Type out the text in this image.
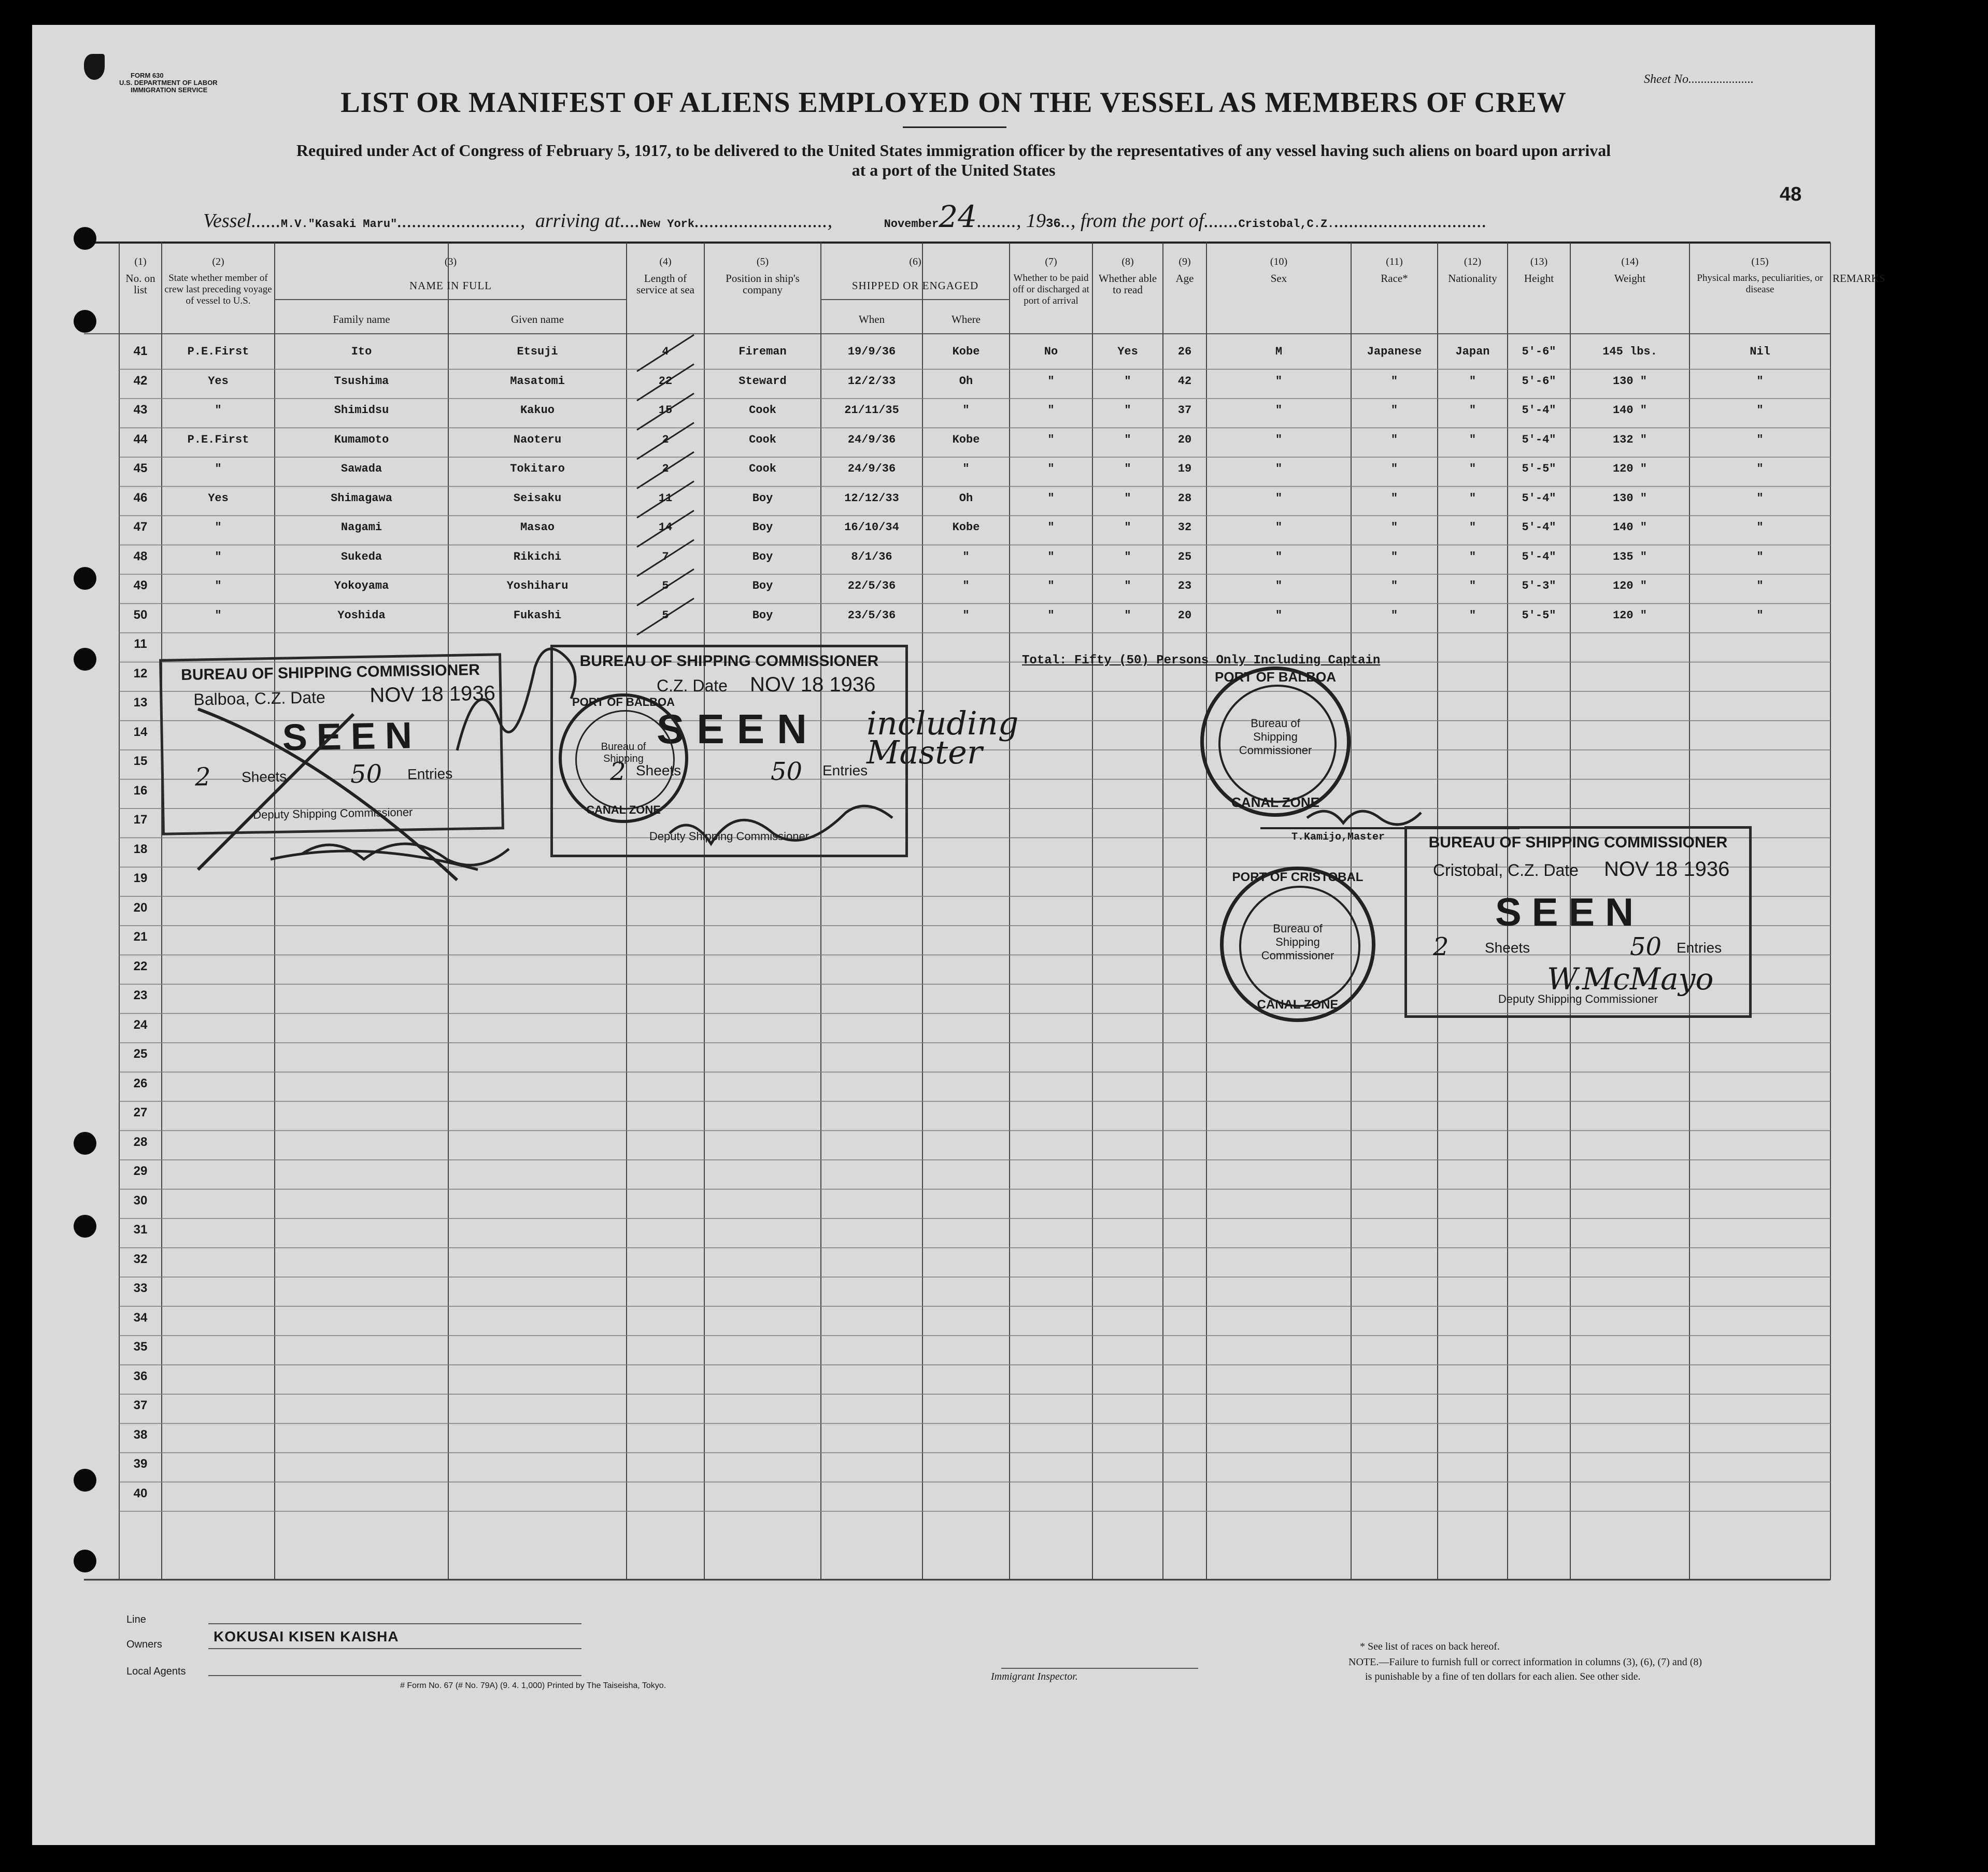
FORM 630
U.S. DEPARTMENT OF LABOR
IMMIGRATION SERVICE
Sheet No.....................
LIST OR MANIFEST OF ALIENS EMPLOYED ON THE VESSEL AS MEMBERS OF CREW
Required under Act of Congress of February 5, 1917, to be delivered to the United States immigration officer by the representatives of any vessel having such aliens on board upon arrival
at a port of the United States
48
Vessel......M.V."Kasaki Maru"........................., arriving at....New York...........................,	November24........, 1936.., from the port of.......Cristobal,C.Z................................
(1)
No. on list
(2)
State whether member of crew last preceding voyage of vessel to U.S.
(3)
NAME IN FULL
Family name	Given name
(4)
Length of service at sea
(5)
Position in ship's company
(6)
SHIPPED OR ENGAGED
When	Where
(7)
Whether to be paid off or discharged at port of arrival
(8)
Whether able to read
(9)
Age
(10)
Sex
(11)
Race*
(12)
Nationality
(13)
Height
(14)
Weight
(15)
Physical marks, peculiarities, or disease
REMARKS
41	P.E.First	Ito	Etsuji	4	Fireman	19/9/36	Kobe	No	Yes	26	M	Japanese	Japan	5'-6"	145 lbs.	Nil
42	Yes	Tsushima	Masatomi	22	Steward	12/2/33	Oh	"	"	42	"	"	"	5'-6"	130 "	"
43	"	Shimidsu	Kakuo	15	Cook	21/11/35	"	"	"	37	"	"	"	5'-4"	140 "	"
44	P.E.First	Kumamoto	Naoteru	2	Cook	24/9/36	Kobe	"	"	20	"	"	"	5'-4"	132 "	"
45	"	Sawada	Tokitaro	2	Cook	24/9/36	"	"	"	19	"	"	"	5'-5"	120 "	"
46	Yes	Shimagawa	Seisaku	11	Boy	12/12/33	Oh	"	"	28	"	"	"	5'-4"	130 "	"
47	"	Nagami	Masao	14	Boy	16/10/34	Kobe	"	"	32	"	"	"	5'-4"	140 "	"
48	"	Sukeda	Rikichi	7	Boy	8/1/36	"	"	"	25	"	"	"	5'-4"	135 "	"
49	"	Yokoyama	Yoshiharu	5	Boy	22/5/36	"	"	"	23	"	"	"	5'-3"	120 "	"
50	"	Yoshida	Fukashi	5	Boy	23/5/36	"	"	"	20	"	"	"	5'-5"	120 "	"
11
12
13
14
15
16
17
18
19
20
21
22
23
24
25
26
27
28
29
30
31
32
33
34
35
36
37
38
39
40
Total: Fifty (50) Persons Only Including Captain
including Master
T.Kamijo,Master
BUREAU OF SHIPPING COMMISSIONER
Balboa, C.Z. Date NOV 18 1936
SEEN
2 Sheets	50 Entries
Deputy Shipping Commissioner
BUREAU OF SHIPPING COMMISSIONER
C.Z. Date NOV 18 1936
SEEN
2 Sheets	50 Entries
Deputy Shipping Commissioner	BUREAU OF SHIPPING COMMISSIONER
Cristobal, C.Z. Date NOV 18 1936
SEEN
2 Sheets	50 Entries
W.McMayo
Deputy Shipping Commissioner
PORT OF BALBOA
Bureau of Shipping Commissioner
CANAL ZONE
PORT OF CRISTOBAL
Bureau of Shipping Commissioner
CANAL ZONE
PORT OF BALBOA
Bureau of Shipping
CANAL ZONE
Line
Owners	KOKUSAI KISEN KAISHA
Local Agents
# Form No. 67 (# No. 79A) (9. 4. 1,000) Printed by The Taiseisha, Tokyo.
Immigrant Inspector.
* See list of races on back hereof.
NOTE.—Failure to furnish full or correct information in columns (3), (6), (7) and (8)
is punishable by a fine of ten dollars for each alien. See other side.
